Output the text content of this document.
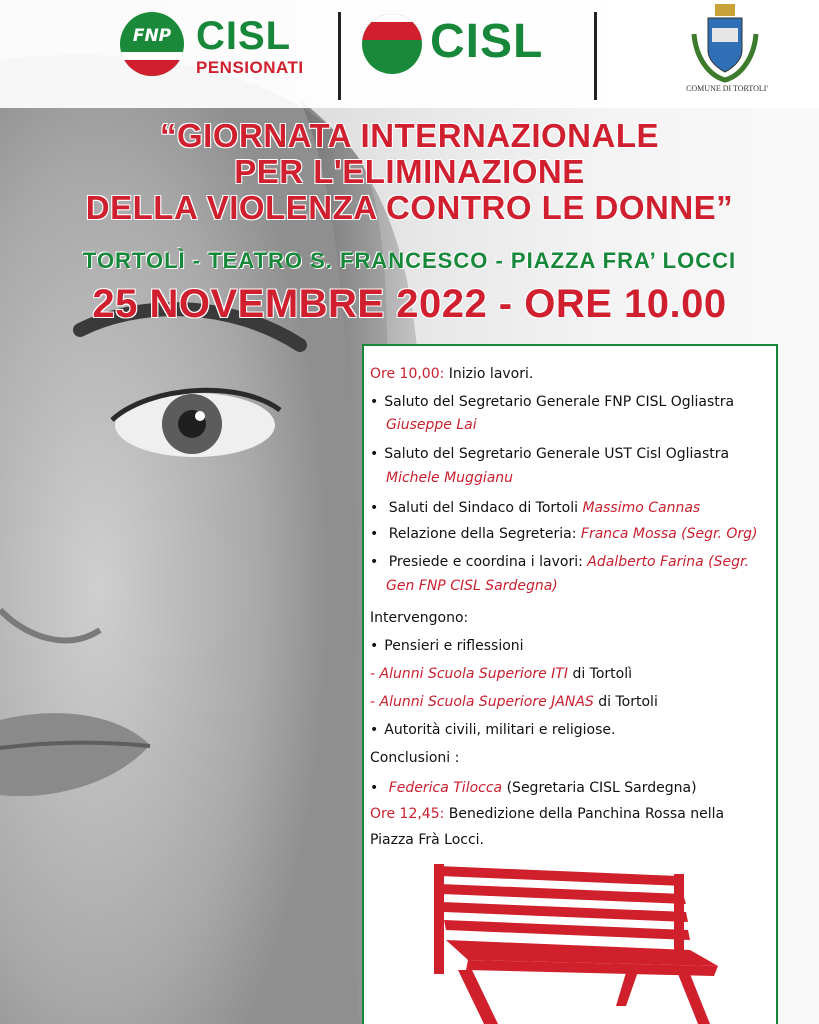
FNP CISL
PENSIONATI	CISL
COMUNE DI TORTOLI'
“GIORNATA INTERNAZIONALE
PER L'ELIMINAZIONE
DELLA VIOLENZA CONTRO LE DONNE”
TORTOLÌ - TEATRO S. FRANCESCO - PIAZZA FRA’ LOCCI
25 NOVEMBRE 2022 - ORE 10.00
Ore 10,00: Inizio lavori.
• Saluto del Segretario Generale FNP CISL Ogliastra
Giuseppe Lai
• Saluto del Segretario Generale UST Cisl Ogliastra
Michele Muggianu
• Saluti del Sindaco di Tortoli Massimo Cannas
• Relazione della Segreteria: Franca Mossa (Segr. Org)
• Presiede e coordina i lavori: Adalberto Farina (Segr.
Gen FNP CISL Sardegna)
Intervengono:
• Pensieri e riflessioni
- Alunni Scuola Superiore ITI di Tortolì
- Alunni Scuola Superiore JANAS di Tortoli
• Autorità civili, militari e religiose.
Conclusioni :
• Federica Tilocca (Segretaria CISL Sardegna)
Ore 12,45: Benedizione della Panchina Rossa nella
Piazza Frà Locci.
